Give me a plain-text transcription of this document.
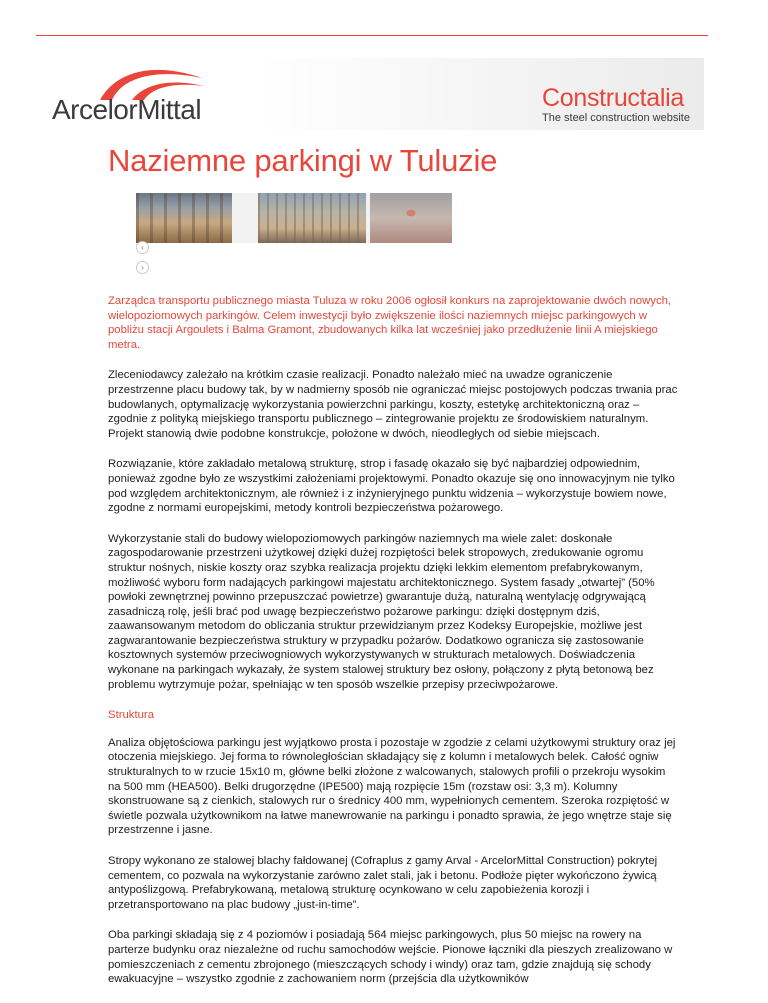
ArcelorMittal	Constructalia
The steel construction website
Naziemne parkingi w Tuluzie
‹
›

Zarządca transportu publicznego miasta Tuluza w roku 2006 ogłosił konkurs na zaprojektowanie dwóch nowych, wielopoziomowych parkingów. Celem inwestycji było zwiększenie ilości naziemnych miejsc parkingowych w pobliżu stacji Argoulets i Balma Gramont, zbudowanych kilka lat wcześniej jako przedłużenie linii A miejskiego metra.

Zleceniodawcy zależało na krótkim czasie realizacji. Ponadto należało mieć na uwadze ograniczenie przestrzenne placu budowy tak, by w nadmierny sposób nie ograniczać miejsc postojowych podczas trwania prac budowlanych, optymalizację wykorzystania powierzchni parkingu, koszty, estetykę architektoniczną oraz – zgodnie z polityką miejskiego transportu publicznego – zintegrowanie projektu ze środowiskiem naturalnym. Projekt stanowią dwie podobne konstrukcje, położone w dwóch, nieodległych od siebie miejscach.

Rozwiązanie, które zakładało metalową strukturę, strop i fasadę okazało się być najbardziej odpowiednim, ponieważ zgodne było ze wszystkimi założeniami projektowymi. Ponadto okazuje się ono innowacyjnym nie tylko pod względem architektonicznym, ale również i z inżynieryjnego punktu widzenia – wykorzystuje bowiem nowe, zgodne z normami europejskimi, metody kontroli bezpieczeństwa pożarowego.

Wykorzystanie stali do budowy wielopoziomowych parkingów naziemnych ma wiele zalet: doskonałe zagospodarowanie przestrzeni użytkowej dzięki dużej rozpiętości belek stropowych, zredukowanie ogromu struktur nośnych, niskie koszty oraz szybka realizacja projektu dzięki lekkim elementom prefabrykowanym, możliwość wyboru form nadających parkingowi majestatu architektonicznego. System fasady „otwartej” (50% powłoki zewnętrznej powinno przepuszczać powietrze) gwarantuje dużą, naturalną wentylację odgrywającą zasadniczą rolę, jeśli brać pod uwagę bezpieczeństwo pożarowe parkingu: dzięki dostępnym dziś, zaawansowanym metodom do obliczania struktur przewidzianym przez Kodeksy Europejskie, możliwe jest zagwarantowanie bezpieczeństwa struktury w przypadku pożarów. Dodatkowo ogranicza się zastosowanie kosztownych systemów przeciwogniowych wykorzystywanych w strukturach metalowych. Doświadczenia wykonane na parkingach wykazały, że system stalowej struktury bez osłony, połączony z płytą betonową bez problemu wytrzymuje pożar, spełniając w ten sposób wszelkie przepisy przeciwpożarowe.

Struktura

Analiza objętościowa parkingu jest wyjątkowo prosta i pozostaje w zgodzie z celami użytkowymi struktury oraz jej otoczenia miejskiego. Jej forma to równoległościan składający się z kolumn i metalowych belek. Całość ogniw strukturalnych to w rzucie 15x10 m, główne belki złożone z walcowanych, stalowych profili o przekroju wysokim na 500 mm (HEA500). Belki drugorzędne (IPE500) mają rozpięcie 15m (rozstaw osi: 3,3 m). Kolumny skonstruowane są z cienkich, stalowych rur o średnicy 400 mm, wypełnionych cementem. Szeroka rozpiętość w świetle pozwala użytkownikom na łatwe manewrowanie na parkingu i ponadto sprawia, że jego wnętrze staje się przestrzenne i jasne.

Stropy wykonano ze stalowej blachy fałdowanej (Cofraplus z gamy Arval - ArcelorMittal Construction) pokrytej cementem, co pozwala na wykorzystanie zarówno zalet stali, jak i betonu. Podłoże pięter wykończono żywicą antypoślizgową. Prefabrykowaną, metalową strukturę ocynkowano w celu zapobieżenia korozji i przetransportowano na plac budowy „just-in-time”.

Oba parkingi składają się z 4 poziomów i posiadają 564 miejsc parkingowych, plus 50 miejsc na rowery na parterze budynku oraz niezależne od ruchu samochodów wejście. Pionowe łączniki dla pieszych zrealizowano w pomieszczeniach z cementu zbrojonego (mieszczących schody i windy) oraz tam, gdzie znajdują się schody ewakuacyjne – wszystko zgodnie z zachowaniem norm (przejścia dla użytkowników
